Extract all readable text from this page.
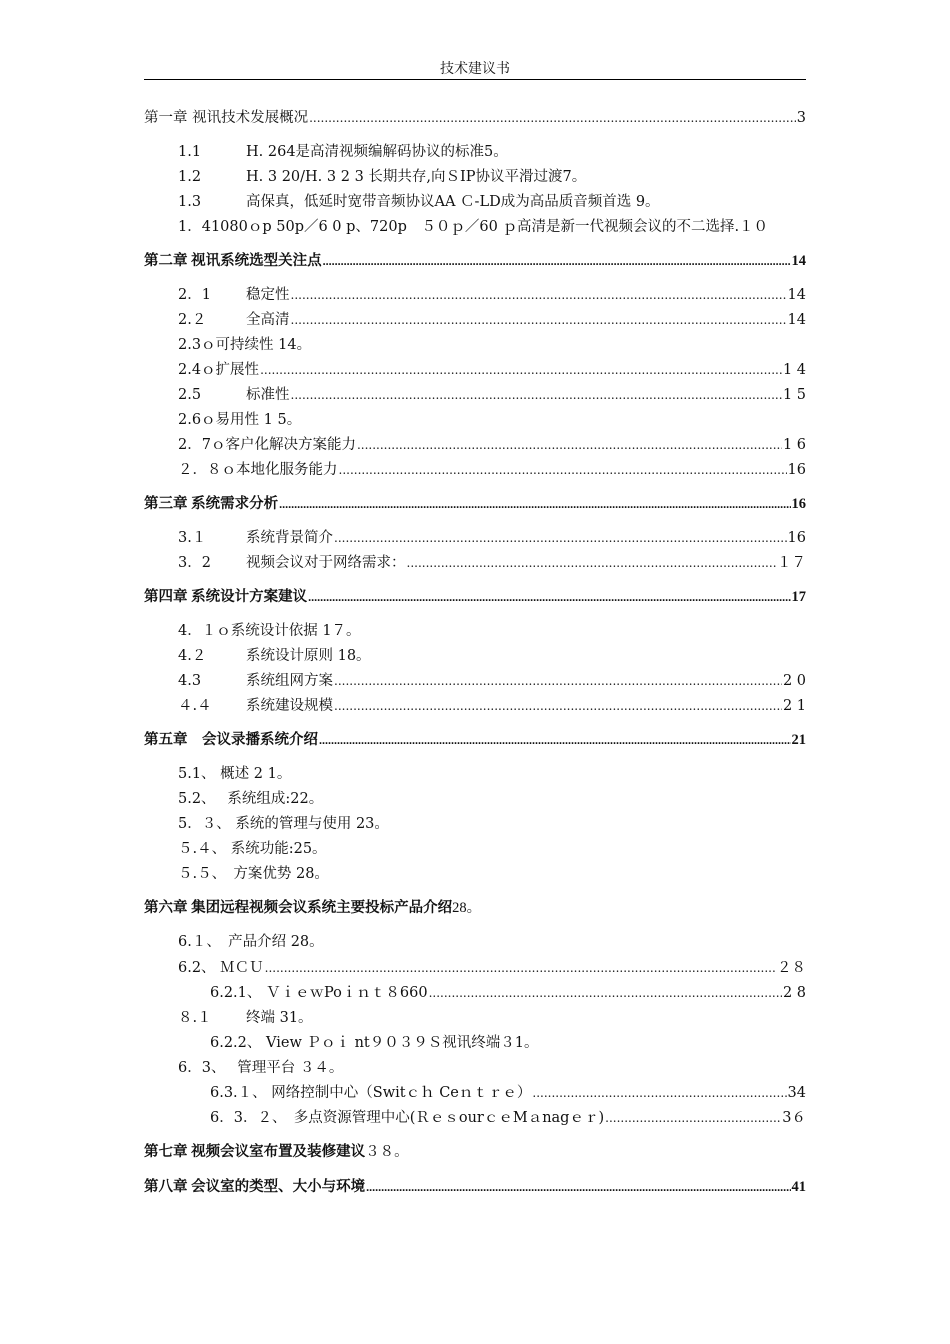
技术建议书
第一章 视讯技术发展概况 .....	3
1.1	H. 264是高清视频编解码协议的标准5。
1.2	H. 3 20/H. 3 2 3 长期共存,向ＳIP协议平滑过渡7。
1.3	高保真，低延时宽带音频协议AA Ｃ-LD成为高品质音频首选 9。
1．41080ｏp 50p／6 0 p、720p　５０ｐ／60 ｐ高清是新一代视频会议的不二选择.１０
第二章 视讯系统选型关注点 .....	14
2．1	稳定性 .....	14
2.２	全高清 .....	14
2.3ｏ可持续性 14。
2.4ｏ扩展性 .....	1 4
2.5	标准性 .....	1 5
2.6ｏ易用性 1 5。
2．7ｏ客户化解决方案能力 .....	1 6
２．８ｏ本地化服务能力 .....	16
第三章 系统需求分析 .....	16
3.１	系统背景简介 .....	16
3．2	视频会议对于网络需求： .....	１７
第四章 系统设计方案建议 .....	17
4．１ｏ系统设计依据 1７。
4.２	系统设计原则 18。
4.3	系统组网方案 .....	2 0
４.４	系统建设规模 .....	2 1
第五章　会议录播系统介绍 .....	21
5.1、 概述 2 1。
5.2、　 系统组成:22。
5．３、 系统的管理与使用 23。
５.４、 系统功能:25。
５.５、　方案优势 28。
第六章 集团远程视频会议系统主要投标产品介绍 28。
6.１、　产品介绍 28。
6.2、 ＭＣＵ .....	２８
6.2.1、 ＶｉｅｗPoｉｎｔ８660 .....	2 8
８.１	终端 31。
6.2.2、 View Ｐｏｉ nt９０３９Ｓ视讯终端３1。
6．3、　 管理平台 ３４。
6.3.１、 网络控制中心（Switｃｈ Ceｎｔｒｅ） .....	34
6．3．２、　多点资源管理中心(ＲｅｓourｃｅMａnagｅｒ) .....	3６
第七章 视频会议室布置及装修建议 ３８。
第八章 会议室的类型、大小与环境 .....	41
